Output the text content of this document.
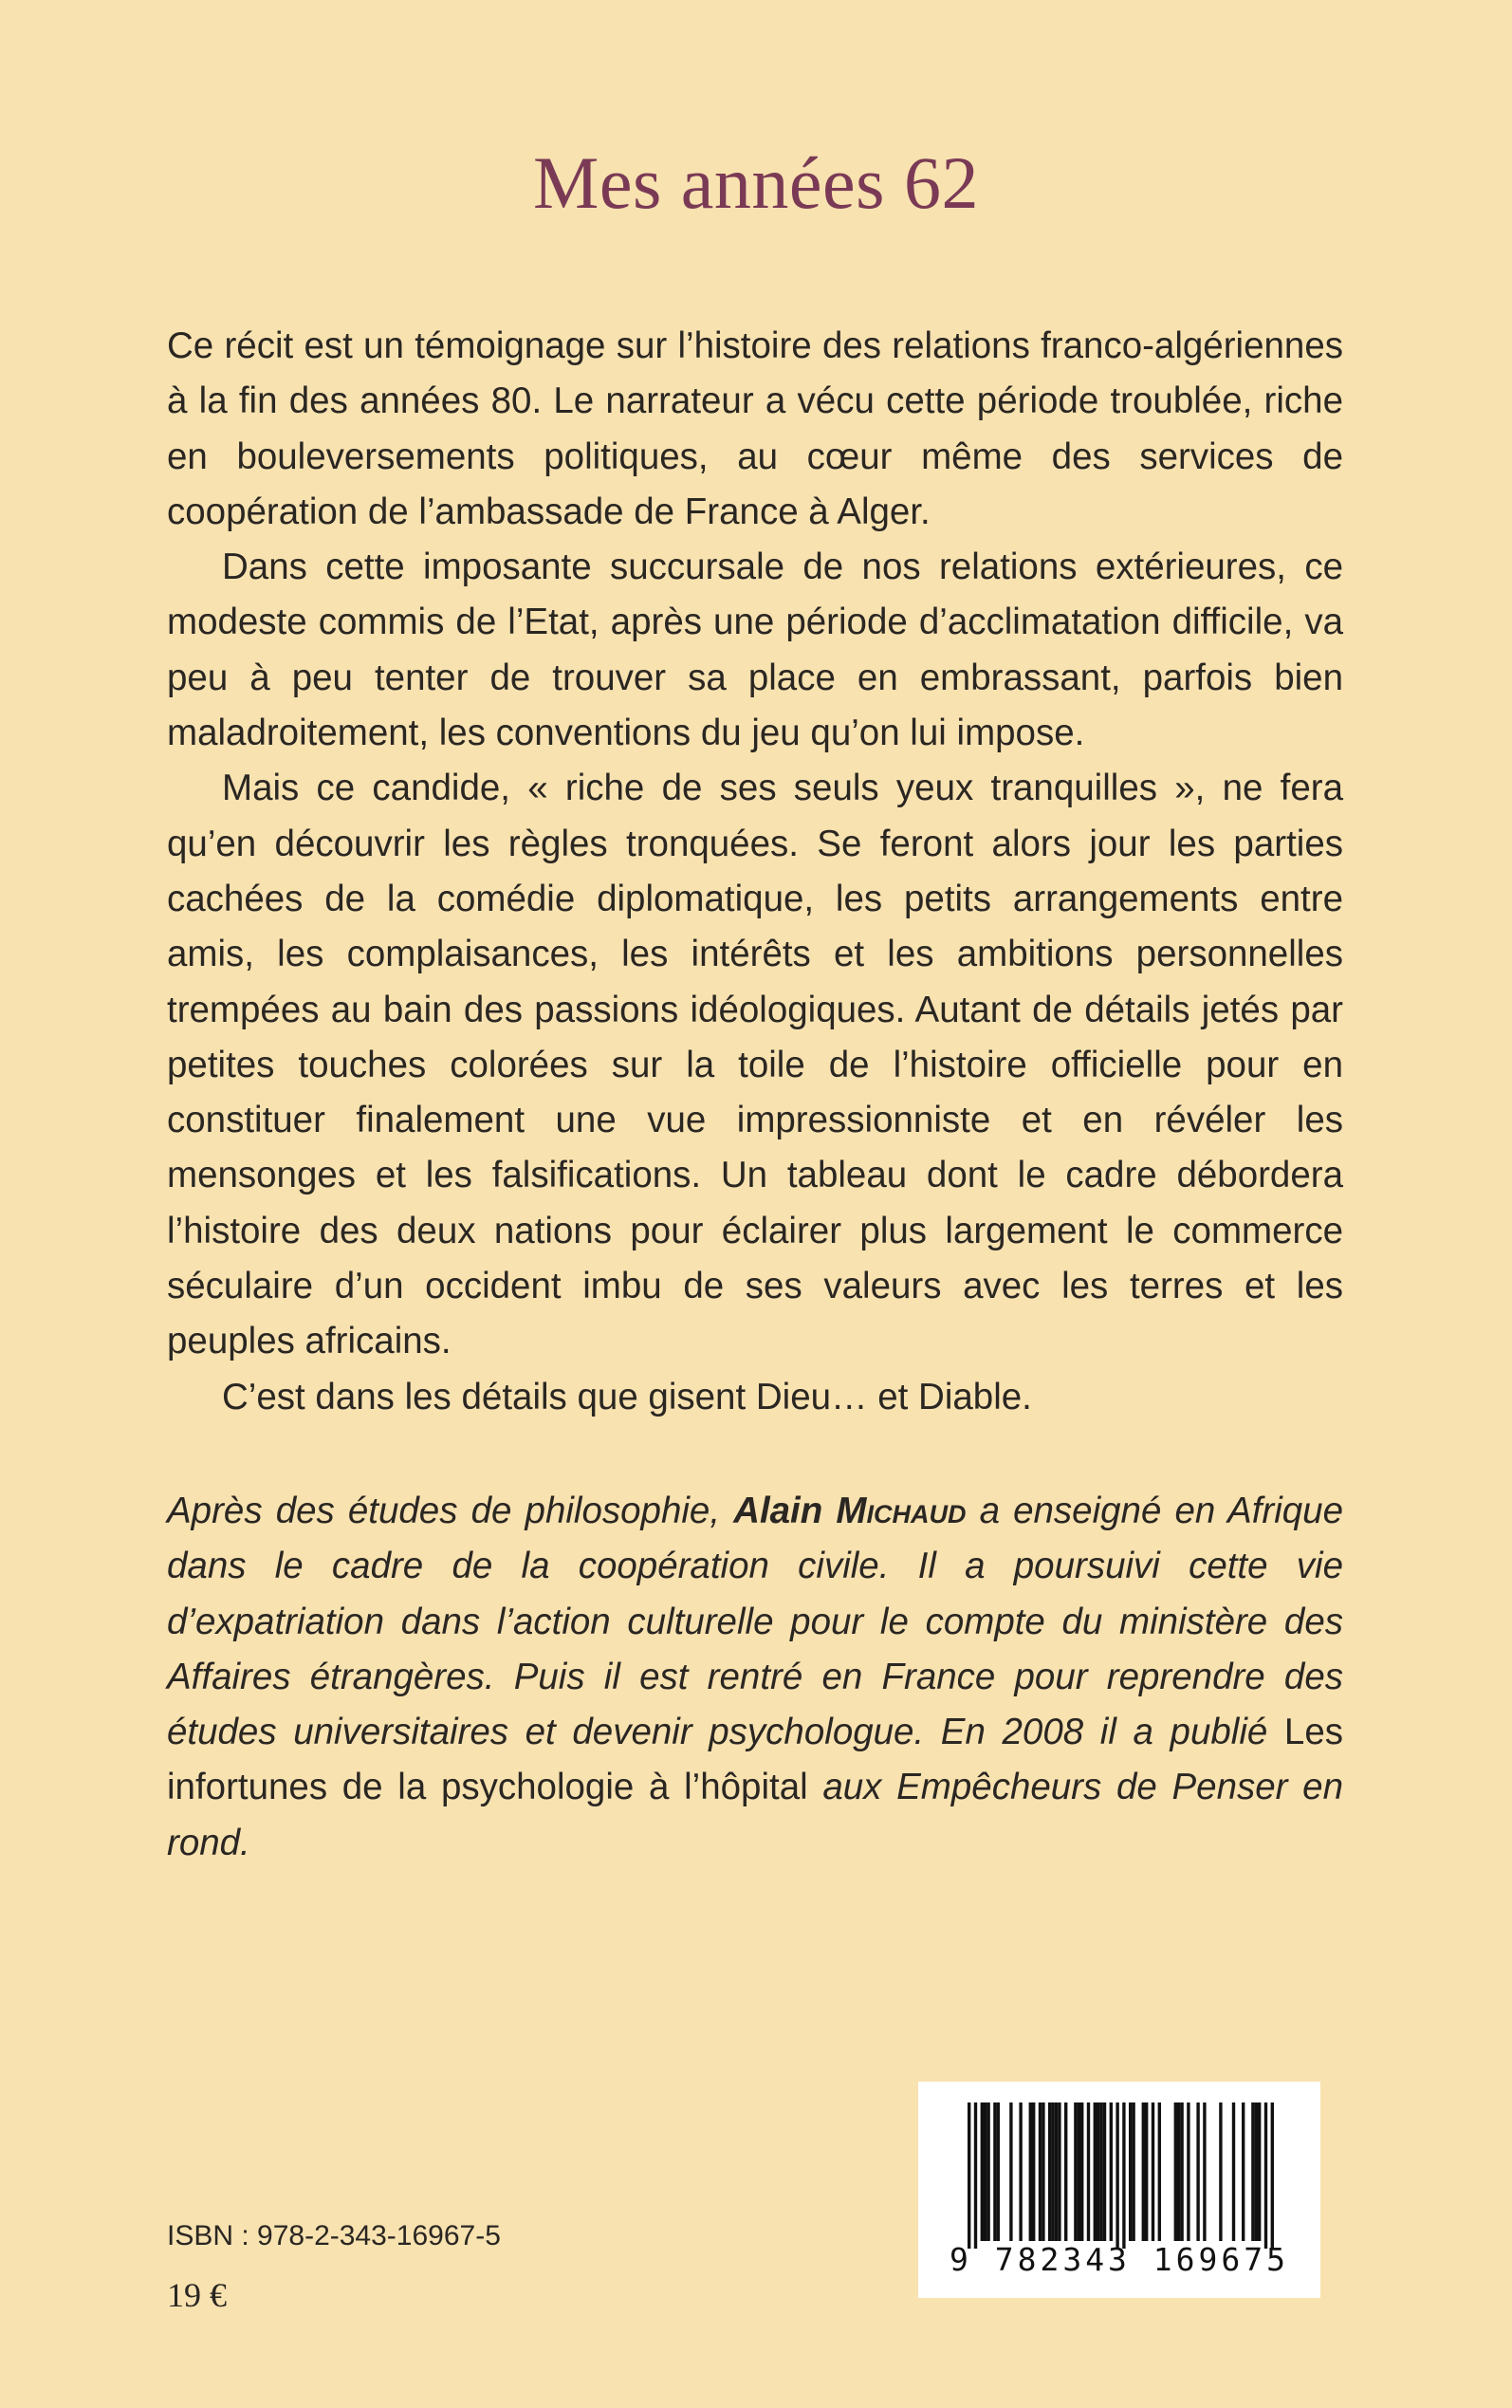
Mes années 62

Ce récit est un témoignage sur l’histoire des relations franco-algériennes à la fin des années 80. Le narrateur a vécu cette période troublée, riche en bouleversements politiques, au cœur même des services de coopération de l’ambassade de France à Alger.

Dans cette imposante succursale de nos relations extérieures, ce modeste commis de l’Etat, après une période d’acclimatation difficile, va peu à peu tenter de trouver sa place en embrassant, parfois bien maladroitement, les conventions du jeu qu’on lui impose.

Mais ce candide, « riche de ses seuls yeux tranquilles », ne fera qu’en découvrir les règles tronquées. Se feront alors jour les parties cachées de la comédie diplomatique, les petits arrangements entre amis, les complaisances, les intérêts et les ambitions personnelles trempées au bain des passions idéologiques. Autant de détails jetés par petites touches colorées sur la toile de l’histoire officielle pour en constituer finalement une vue impressionniste et en révéler les mensonges et les falsifications. Un tableau dont le cadre débordera l’histoire des deux nations pour éclairer plus largement le commerce séculaire d’un occident imbu de ses valeurs avec les terres et les peuples africains.

C’est dans les détails que gisent Dieu… et Diable.

Après des études de philosophie, Alain Michaud a enseigné en Afrique dans le cadre de la coopération civile. Il a poursuivi cette vie d’expatriation dans l’action culturelle pour le compte du ministère des Affaires étrangères. Puis il est rentré en France pour reprendre des études universitaires et devenir psychologue. En 2008 il a publié Les infortunes de la psychologie à l’hôpital aux Empêcheurs de Penser en rond.

ISBN : 978-2-343-16967-5

19 €

9 782343 169675
